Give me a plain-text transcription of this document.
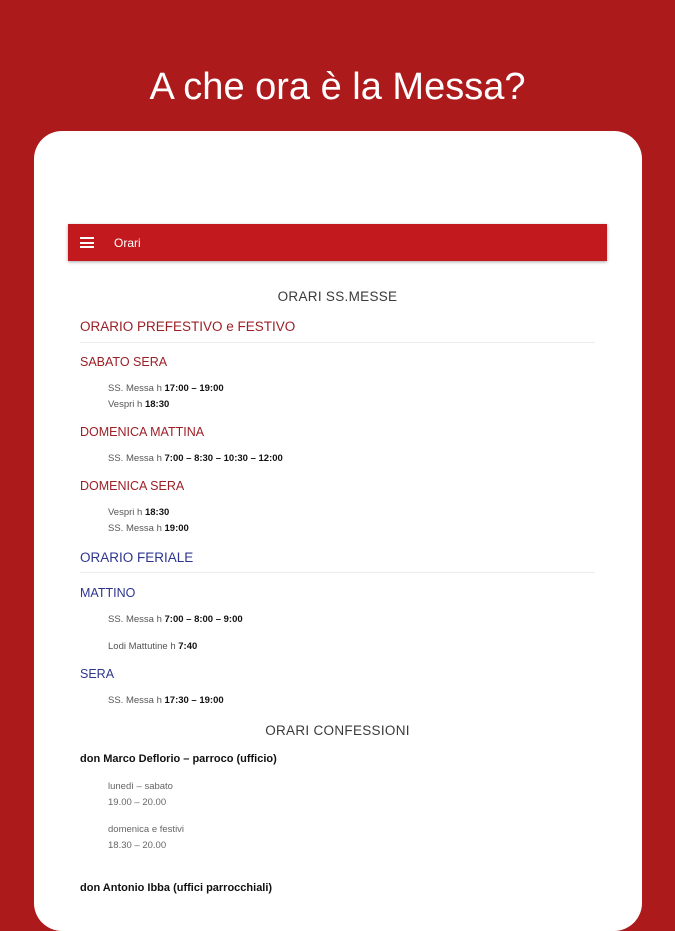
A che ora è la Messa?
Orari
ORARI SS.MESSE
ORARIO PREFESTIVO e FESTIVO
SABATO SERA
SS. Messa h 17:00 – 19:00
Vespri h 18:30
DOMENICA MATTINA
SS. Messa h 7:00 – 8:30 – 10:30 – 12:00
DOMENICA SERA
Vespri h 18:30
SS. Messa h 19:00
ORARIO FERIALE
MATTINO
SS. Messa h 7:00 – 8:00 – 9:00
Lodi Mattutine h 7:40
SERA
SS. Messa h 17:30 – 19:00
ORARI CONFESSIONI
don Marco Deflorio – parroco (ufficio)
lunedì – sabato
19.00 – 20.00
domenica e festivi
18.30 – 20.00
don Antonio Ibba (uffici parrocchiali)
